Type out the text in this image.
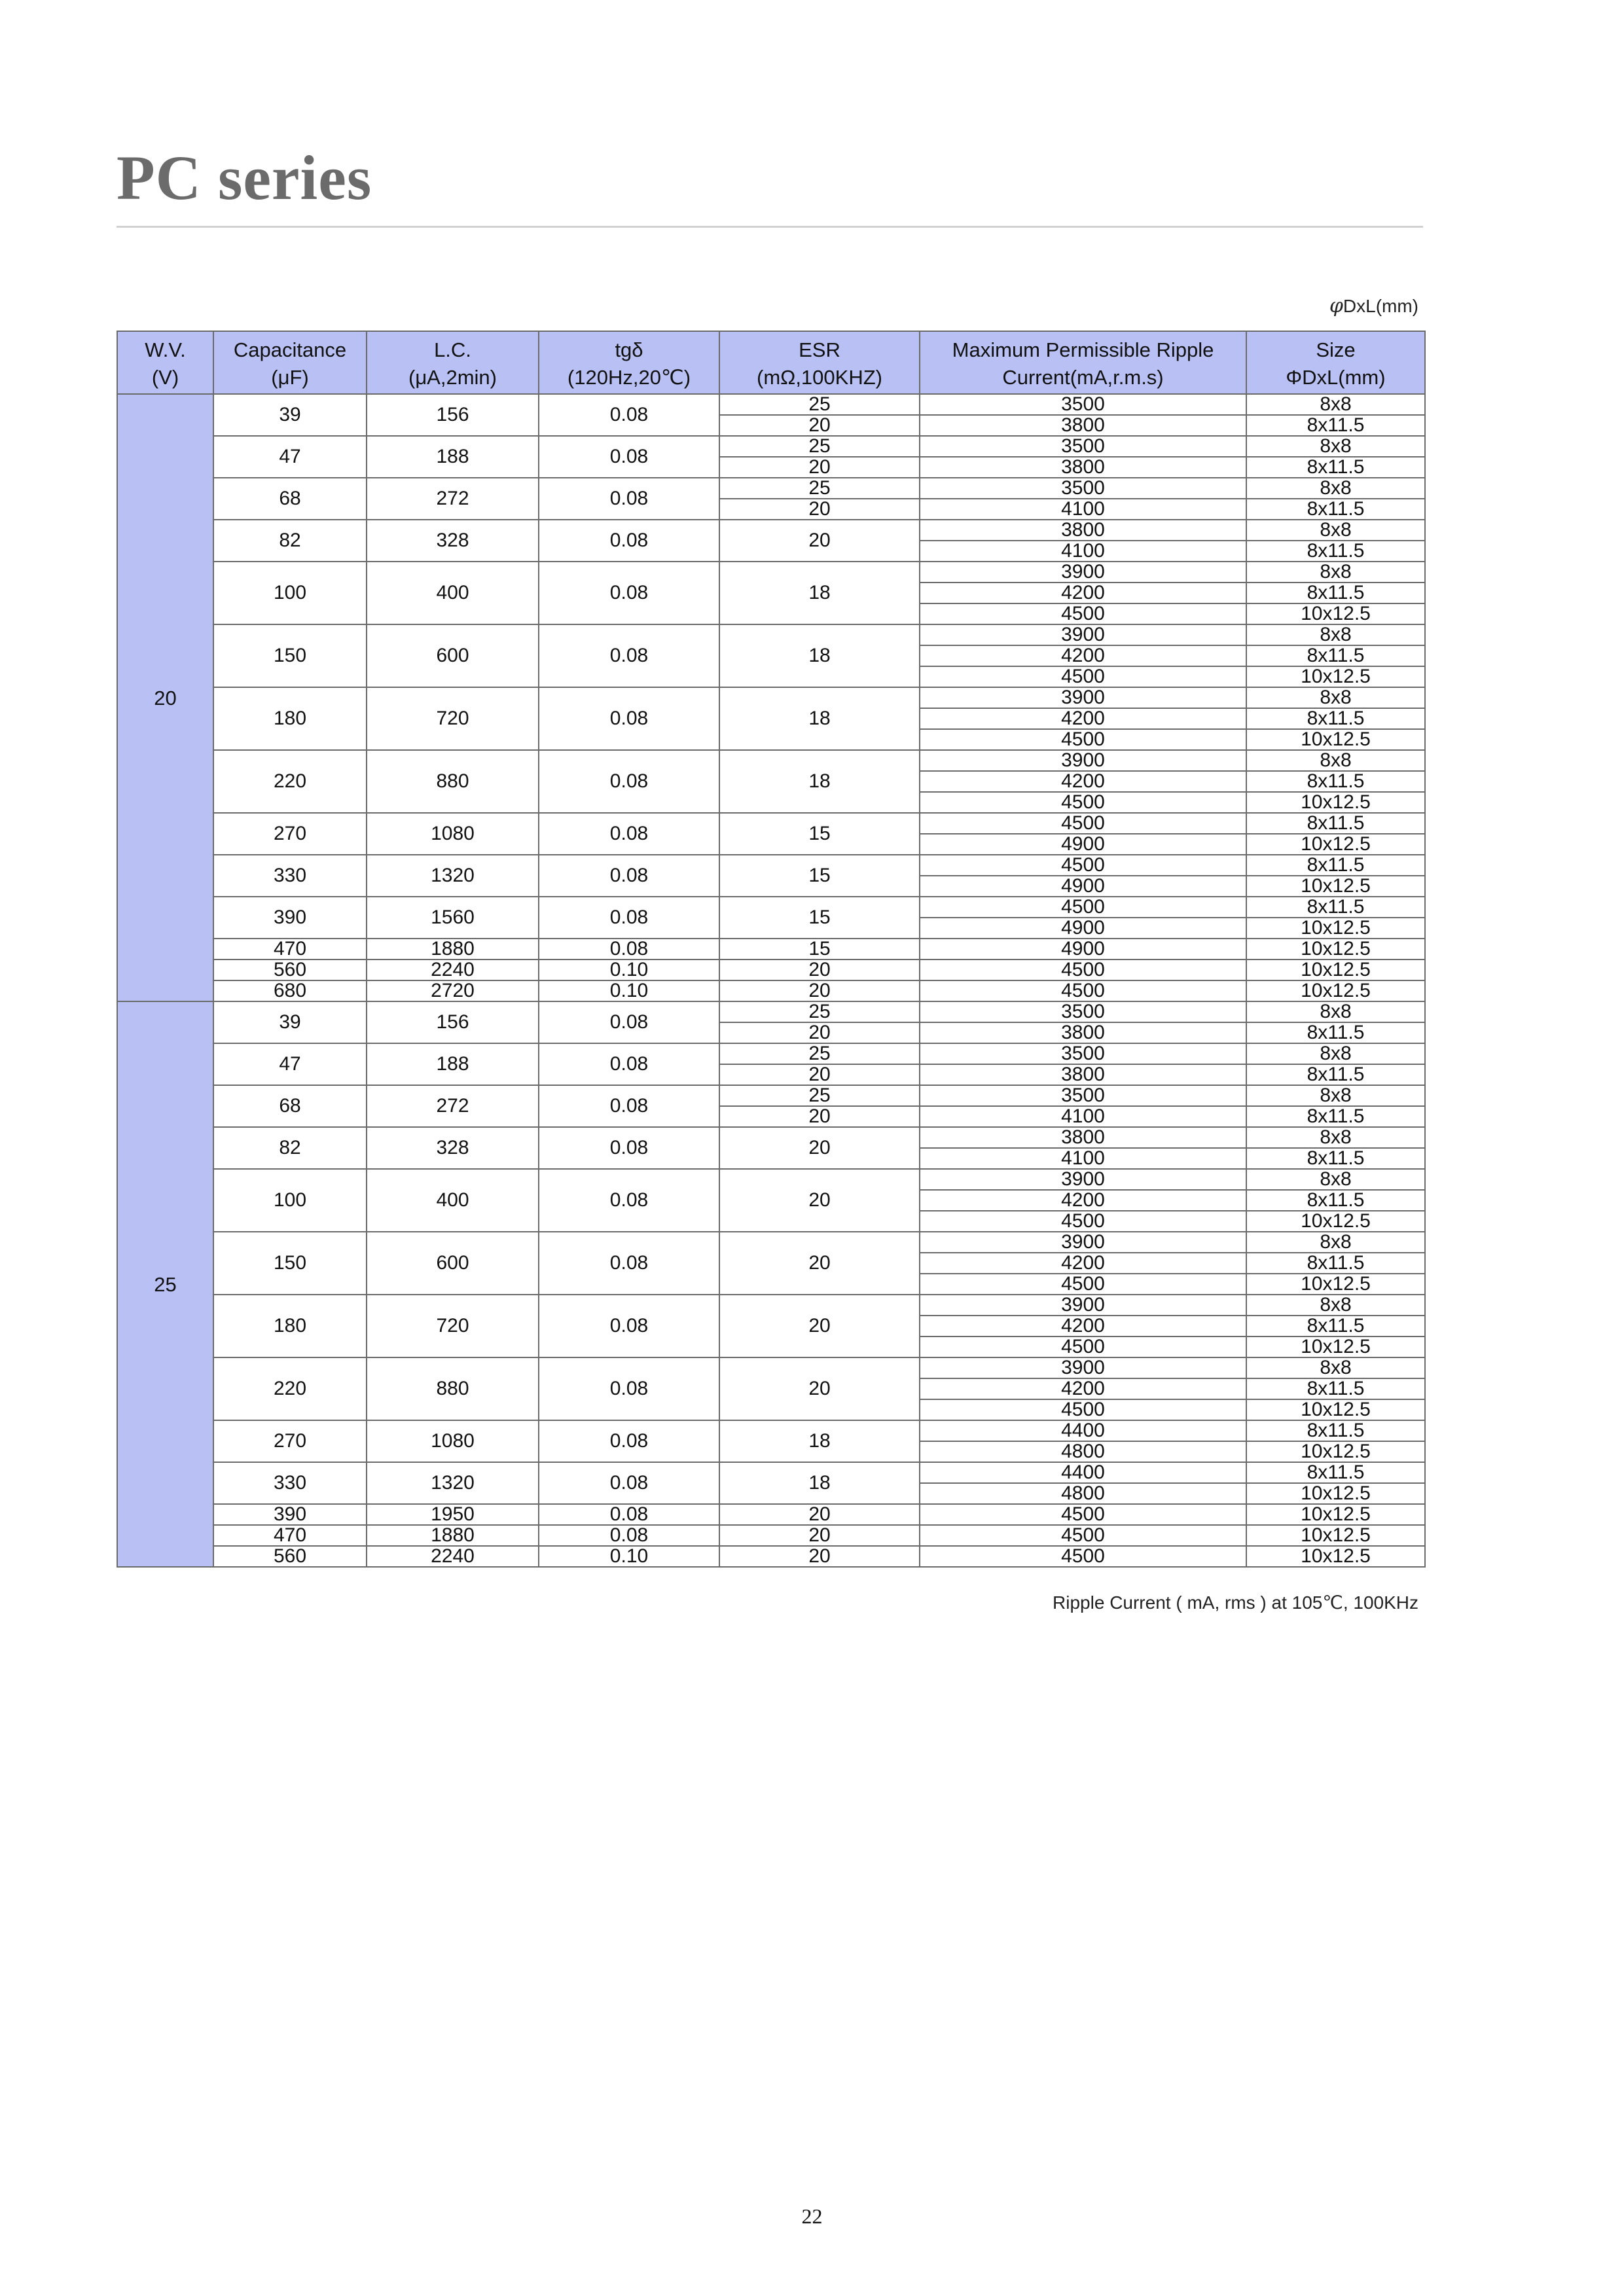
PC series
φDxL(mm)
W.V.	Capacitance	L.C.	tgδ	ESR	Maximum Permissible Ripple	Size
(V)	(μF)	(μA,2min)	(120Hz,20℃)	(mΩ,100KHZ)	Current(mA,r.m.s)	ΦDxL(mm)
20	39	156	0.08	25	3500	8x8
				20	3800	8x11.5
	47	188	0.08	25	3500	8x8
				20	3800	8x11.5
	68	272	0.08	25	3500	8x8
				20	4100	8x11.5
	82	328	0.08	20	3800	8x8
					4100	8x11.5
	100	400	0.08	18	3900	8x8
					4200	8x11.5
					4500	10x12.5
	150	600	0.08	18	3900	8x8
					4200	8x11.5
					4500	10x12.5
	180	720	0.08	18	3900	8x8
					4200	8x11.5
					4500	10x12.5
	220	880	0.08	18	3900	8x8
					4200	8x11.5
					4500	10x12.5
	270	1080	0.08	15	4500	8x11.5
					4900	10x12.5
	330	1320	0.08	15	4500	8x11.5
					4900	10x12.5
	390	1560	0.08	15	4500	8x11.5
					4900	10x12.5
	470	1880	0.08	15	4900	10x12.5
	560	2240	0.10	20	4500	10x12.5
	680	2720	0.10	20	4500	10x12.5
25	39	156	0.08	25	3500	8x8
				20	3800	8x11.5
	47	188	0.08	25	3500	8x8
				20	3800	8x11.5
	68	272	0.08	25	3500	8x8
				20	4100	8x11.5
	82	328	0.08	20	3800	8x8
					4100	8x11.5
	100	400	0.08	20	3900	8x8
					4200	8x11.5
					4500	10x12.5
	150	600	0.08	20	3900	8x8
					4200	8x11.5
					4500	10x12.5
	180	720	0.08	20	3900	8x8
					4200	8x11.5
					4500	10x12.5
	220	880	0.08	20	3900	8x8
					4200	8x11.5
					4500	10x12.5
	270	1080	0.08	18	4400	8x11.5
					4800	10x12.5
	330	1320	0.08	18	4400	8x11.5
					4800	10x12.5
	390	1950	0.08	20	4500	10x12.5
	470	1880	0.08	20	4500	10x12.5
	560	2240	0.10	20	4500	10x12.5
Ripple Current ( mA, rms ) at 105℃, 100KHz
22
